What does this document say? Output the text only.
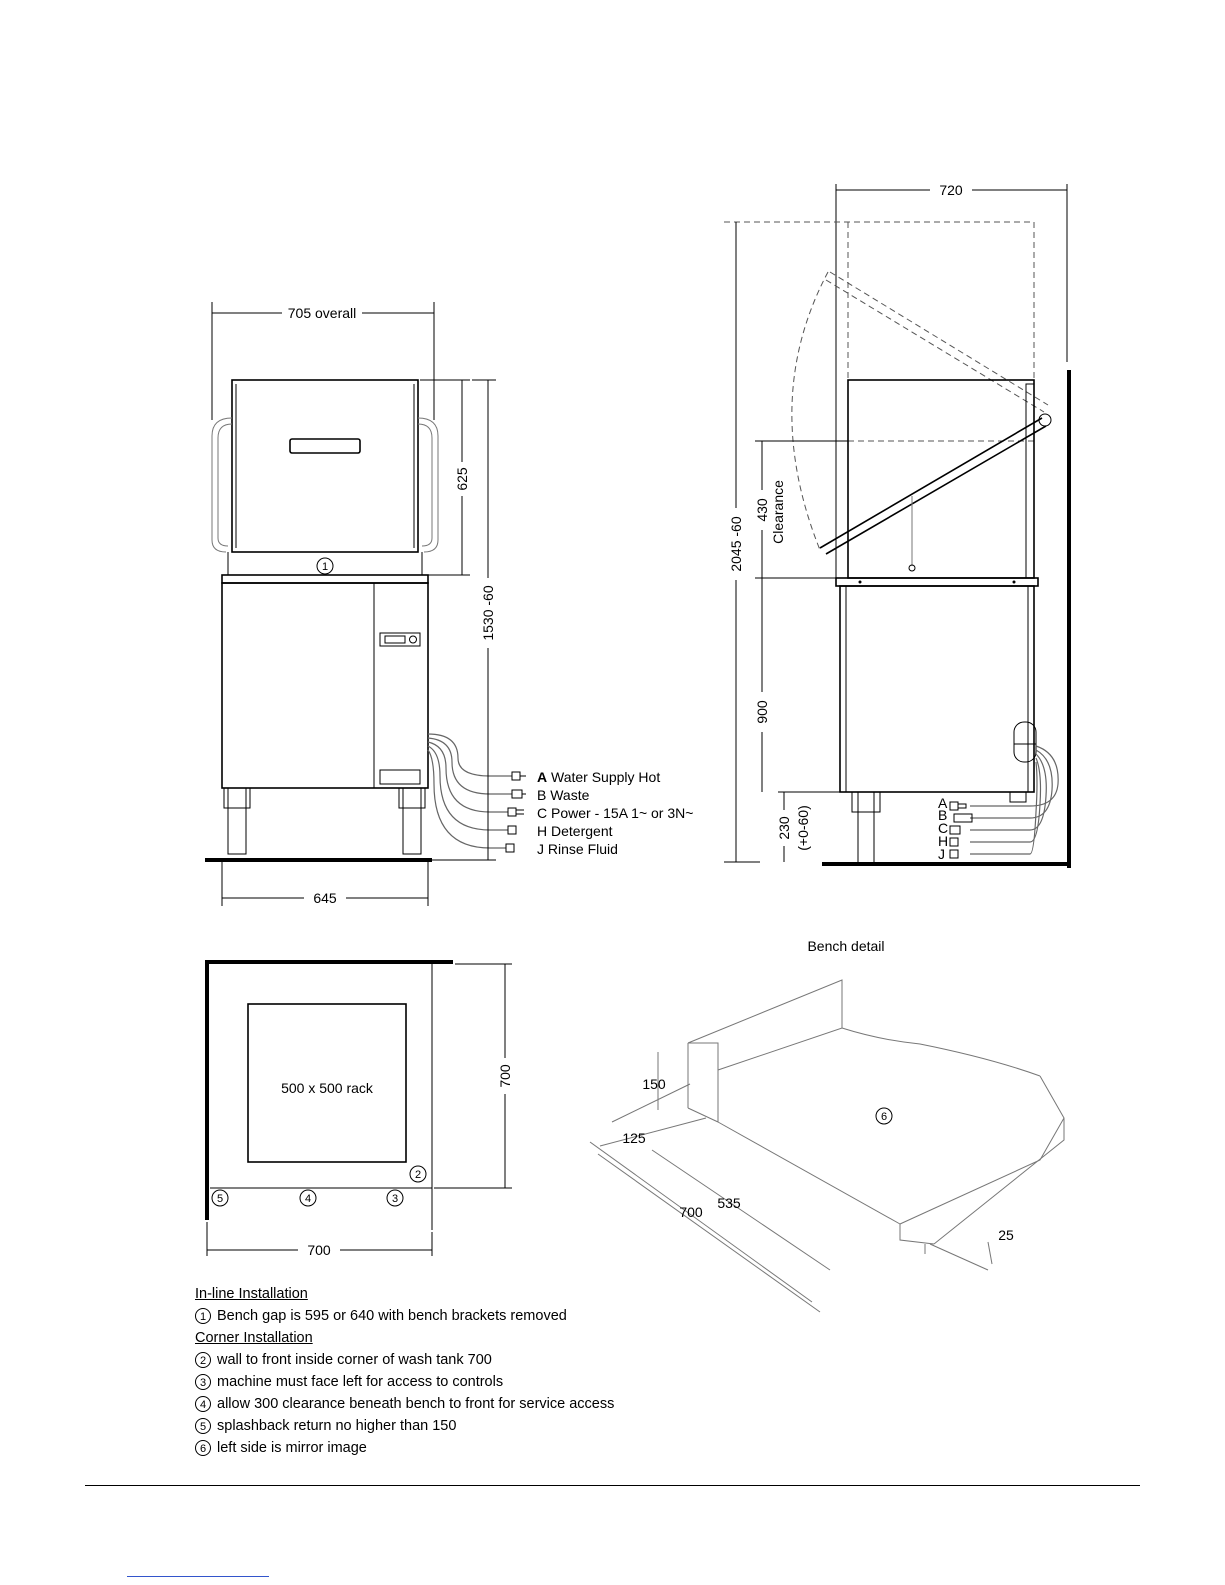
705 overall
1
A Water Supply Hot
B Waste
C Power - 15A 1~ or 3N~
H Detergent
J Rinse Fluid
625
1530 -60
645
720
A
B
C
H
J
2045 -60
430 Clearance
900
230 (+0-60)
500 x 500 rack
2
5	4	3
700
700
Bench detail
6
150
125
700
535
25
In-line Installation
1 Bench gap is 595 or 640 with bench brackets removed
Corner Installation
2 wall to front inside corner of wash tank 700
3 machine must face left for access to controls
4 allow 300 clearance beneath bench to front for service access
5 splashback return no higher than 150
6 left side is mirror image
